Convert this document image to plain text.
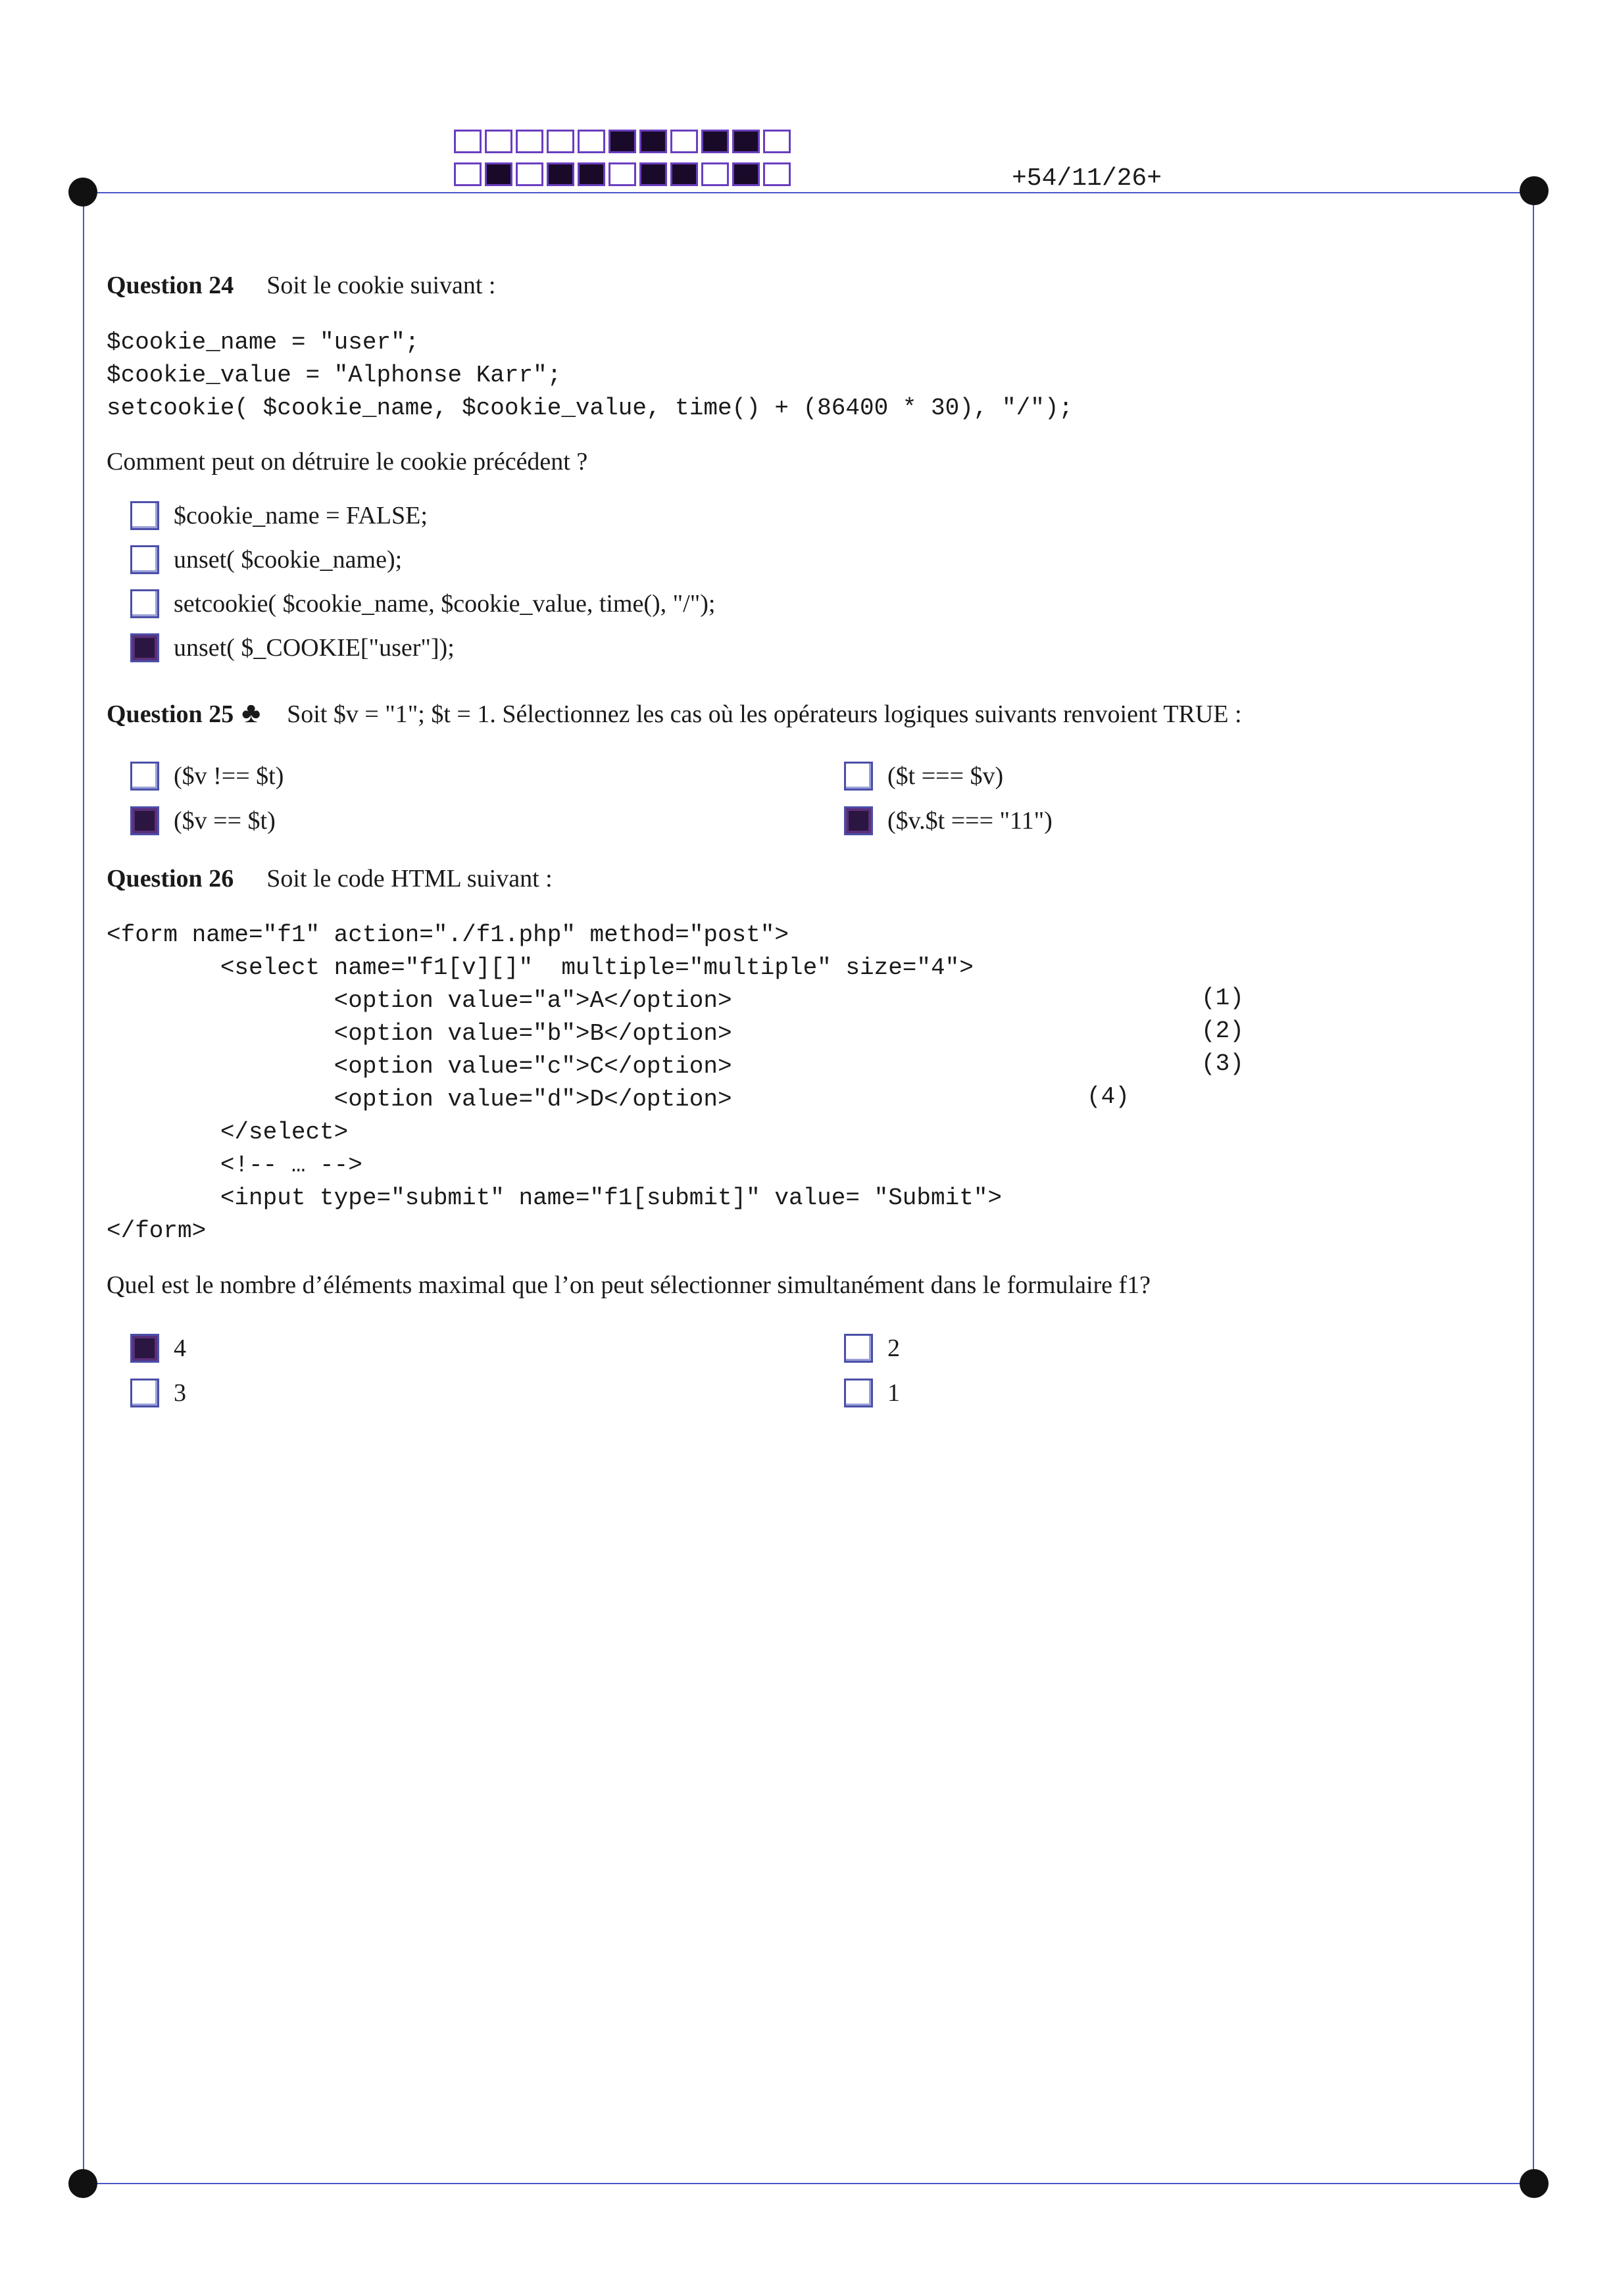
+54/11/26+
Question 24 Soit le cookie suivant :
$cookie_name = "user";
$cookie_value = "Alphonse Karr";
setcookie( $cookie_name, $cookie_value, time() + (86400 * 30), "/");
Comment peut on détruire le cookie précédent ?
$cookie_name = FALSE;
unset( $cookie_name);
setcookie( $cookie_name, $cookie_value, time(), "/");
unset( $_COOKIE["user"]);
Question 25 ♣ Soit $v = "1"; $t = 1. Sélectionnez les cas où les opérateurs logiques suivants renvoient TRUE :
($v !== $t)	($t === $v)
($v == $t)	($v.$t === "11")
Question 26 Soit le code HTML suivant :
<form name="f1" action="./f1.php" method="post">
<select name="f1[v][]"  multiple="multiple" size="4">
<option value="a">A</option>
<option value="b">B</option>
<option value="c">C</option>
<option value="d">D</option>
</select>
<!-- … -->
<input type="submit" name="f1[submit]" value= "Submit">
</form>
(1)
(2)
(3)
(4)
Quel est le nombre d’éléments maximal que l’on peut sélectionner simultanément dans le formulaire f1?
4	2
3	1
